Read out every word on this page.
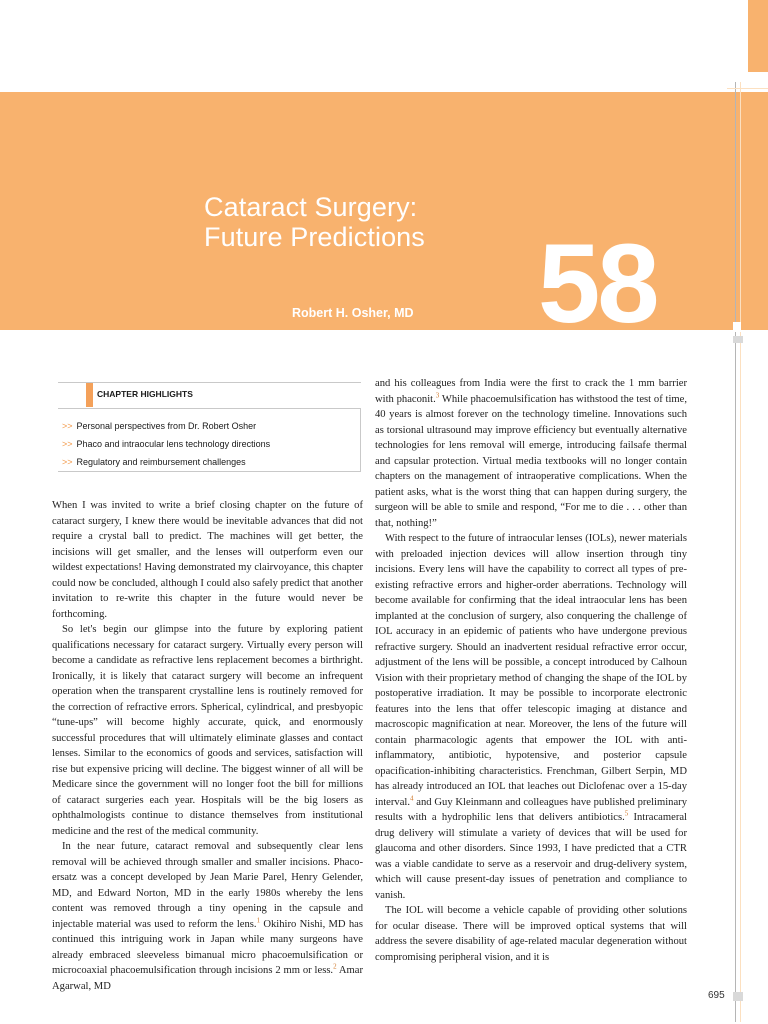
Cataract Surgery:
Future Predictions
Robert H. Osher, MD 58
CHAPTER HIGHLIGHTS
>> Personal perspectives from Dr. Robert Osher
>> Phaco and intraocular lens technology directions
>> Regulatory and reimbursement challenges

When I was invited to write a brief closing chapter on the future of cataract surgery, I knew there would be inevitable advances that did not require a crystal ball to predict. The machines will get better, the incisions will get smaller, and the lenses will outperform even our wildest expectations! Having demonstrated my clairvoyance, this chapter could now be concluded, although I could also safely predict that another invitation to re-write this chapter in the future would never be forthcoming.

So let's begin our glimpse into the future by exploring patient qualifications necessary for cataract surgery. Virtually every person will become a candidate as refractive lens replacement becomes a birthright. Ironically, it is likely that cataract surgery will become an infrequent operation when the transparent crystalline lens is routinely removed for the correction of refractive errors. Spherical, cylindrical, and presbyopic “tune-ups” will become highly accurate, quick, and enormously successful procedures that will ultimately eliminate glasses and contact lenses. Similar to the economics of goods and services, satisfaction will rise but expensive pricing will decline. The biggest winner of all will be Medicare since the government will no longer foot the bill for millions of cataract surgeries each year. Hospitals will be the big losers as ophthalmologists continue to distance themselves from institutional medicine and the rest of the medical community.

In the near future, cataract removal and subsequently clear lens removal will be achieved through smaller and smaller incisions. Phaco-ersatz was a concept developed by Jean Marie Parel, Henry Gelender, MD, and Edward Norton, MD in the early 1980s whereby the lens content was removed through a tiny opening in the capsule and injectable material was used to reform the lens.$^1$ Okihiro Nishi, MD has continued this intriguing work in Japan while many surgeons have already embraced sleeveless bimanual micro phacoemulsification or microcoaxial phacoemulsification through incisions 2 mm or less.$^2$ Amar Agarwal, MD

and his colleagues from India were the first to crack the 1 mm barrier with phaconit.$^3$ While phacoemulsification has withstood the test of time, 40 years is almost forever on the technology timeline. Innovations such as torsional ultrasound may improve efficiency but eventually alternative technologies for lens removal will emerge, introducing failsafe thermal and capsular protection. Virtual media textbooks will no longer contain chapters on the management of intraoperative complications. When the patient asks, what is the worst thing that can happen during surgery, the surgeon will be able to smile and respond, “For me to die . . . other than that, nothing!”

With respect to the future of intraocular lenses (IOLs), newer materials with preloaded injection devices will allow insertion through tiny incisions. Every lens will have the capability to correct all types of pre-existing refractive errors and higher-order aberrations. Technology will become available for confirming that the ideal intraocular lens has been implanted at the conclusion of surgery, also conquering the challenge of IOL accuracy in an epidemic of patients who have undergone previous refractive surgery. Should an inadvertent residual refractive error occur, adjustment of the lens will be possible, a concept introduced by Calhoun Vision with their proprietary method of changing the shape of the IOL by postoperative irradiation. It may be possible to incorporate electronic features into the lens that offer telescopic imaging at distance and macroscopic magnification at near. Moreover, the lens of the future will contain pharmacologic agents that empower the IOL with anti-inflammatory, antibiotic, hypotensive, and posterior capsule opacification-inhibiting characteristics. Frenchman, Gilbert Serpin, MD has already introduced an IOL that leaches out Diclofenac over a 15-day interval.$^4$ and Guy Kleinmann and colleagues have published preliminary results with a hydrophilic lens that delivers antibiotics.$^5$ Intracameral drug delivery will stimulate a variety of devices that will be used for glaucoma and other disorders. Since 1993, I have predicted that a CTR was a viable candidate to serve as a reservoir and drug-delivery system, which will cause present-day issues of penetration and compliance to vanish.

The IOL will become a vehicle capable of providing other solutions for ocular disease. There will be improved optical systems that will address the severe disability of age-related macular degeneration without compromising peripheral vision, and it is

695
